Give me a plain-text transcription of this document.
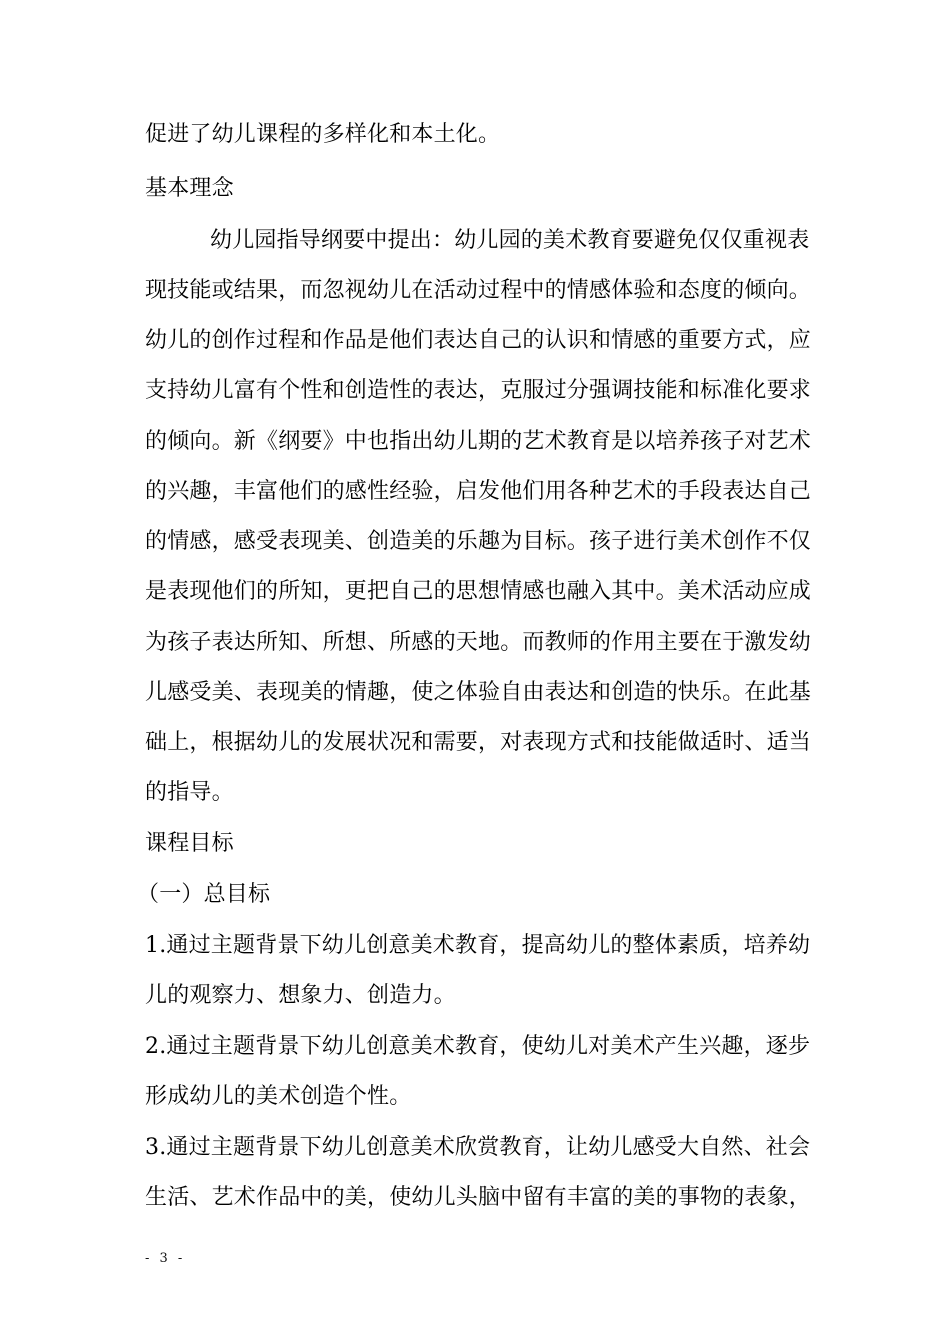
促进了幼儿课程的多样化和本土化。
基本理念
幼儿园指导纲要中提出：幼儿园的美术教育要避免仅仅重视表
现技能或结果，而忽视幼儿在活动过程中的情感体验和态度的倾向。
幼儿的创作过程和作品是他们表达自己的认识和情感的重要方式，应
支持幼儿富有个性和创造性的表达，克服过分强调技能和标准化要求
的倾向。新《纲要》中也指出幼儿期的艺术教育是以培养孩子对艺术
的兴趣，丰富他们的感性经验，启发他们用各种艺术的手段表达自己
的情感，感受表现美、创造美的乐趣为目标。孩子进行美术创作不仅
是表现他们的所知，更把自己的思想情感也融入其中。美术活动应成
为孩子表达所知、所想、所感的天地。而教师的作用主要在于激发幼
儿感受美、表现美的情趣，使之体验自由表达和创造的快乐。在此基
础上，根据幼儿的发展状况和需要，对表现方式和技能做适时、适当
的指导。
课程目标
（一）总目标
1.通过主题背景下幼儿创意美术教育，提高幼儿的整体素质，培养幼
儿的观察力、想象力、创造力。
2.通过主题背景下幼儿创意美术教育，使幼儿对美术产生兴趣，逐步
形成幼儿的美术创造个性。
3.通过主题背景下幼儿创意美术欣赏教育，让幼儿感受大自然、社会
生活、艺术作品中的美，使幼儿头脑中留有丰富的美的事物的表象，
- 3 -
